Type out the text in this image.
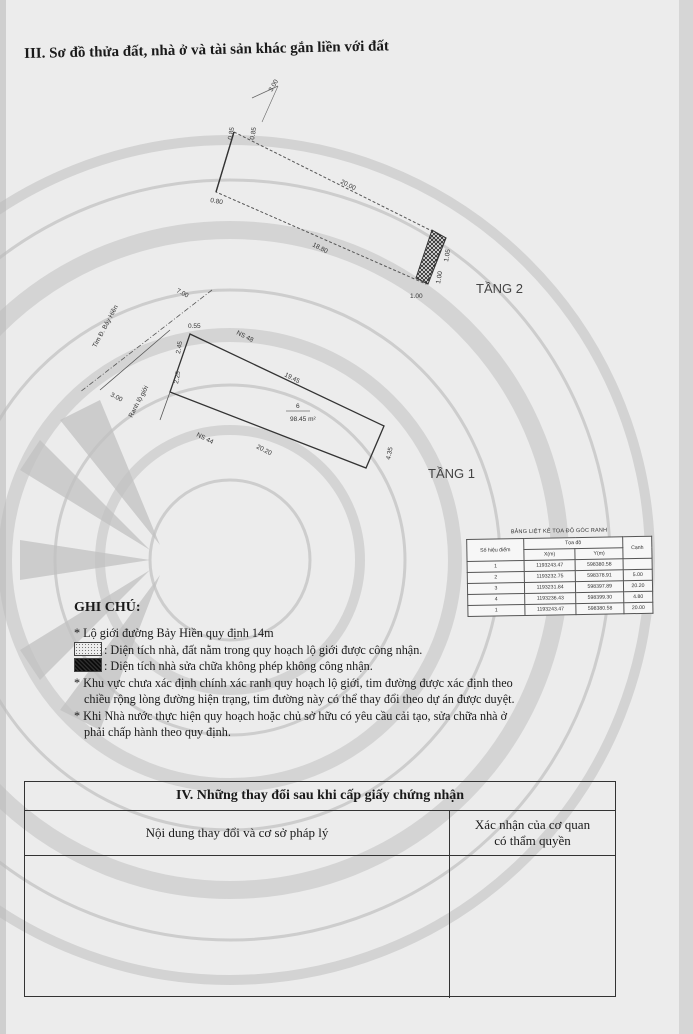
III. Sơ đồ thửa đất, nhà ở và tài sản khác gắn liền với đất
3.00
0.85 0.85
20.00
18.80
0.80
1.00
1.05
1.00
TẦNG 2
Tim Đ. Bảy Hiền
Ranh lộ giới
7.00
3.00
0.55
2.45
2.25
NS 48
NS 44
19.45
20.20	4.35
6
98.45 m²
TẦNG 1
BẢNG LIỆT KÊ TỌA ĐỘ GÓC RANH
Số hiệu điểm	Tọa độ		Cạnh
	X(m)	Y(m)	
1	1193243.47	598380.58	
2	1193232.75	598378.91	5.00
3	1193231.84	598397.89	20.20
4	1193236.43	598399.30	4.80
1	1193243.47	598380.58	20.00
GHI CHÚ:
* Lộ giới đường Bảy Hiền quy định 14m
: Diện tích nhà, đất nằm trong quy hoạch lộ giới được công nhận.
: Diện tích nhà sửa chữa không phép không công nhận.
* Khu vực chưa xác định chính xác ranh quy hoạch lộ giới, tim đường được xác định theo
chiều rộng lòng đường hiện trạng, tim đường này có thể thay đổi theo dự án được duyệt.
* Khi Nhà nước thực hiện quy hoạch hoặc chủ sở hữu có yêu cầu cải tạo, sửa chữa nhà ở
phải chấp hành theo quy định.
IV. Những thay đổi sau khi cấp giấy chứng nhận
Nội dung thay đổi và cơ sở pháp lý
Xác nhận của cơ quan
có thẩm quyền
